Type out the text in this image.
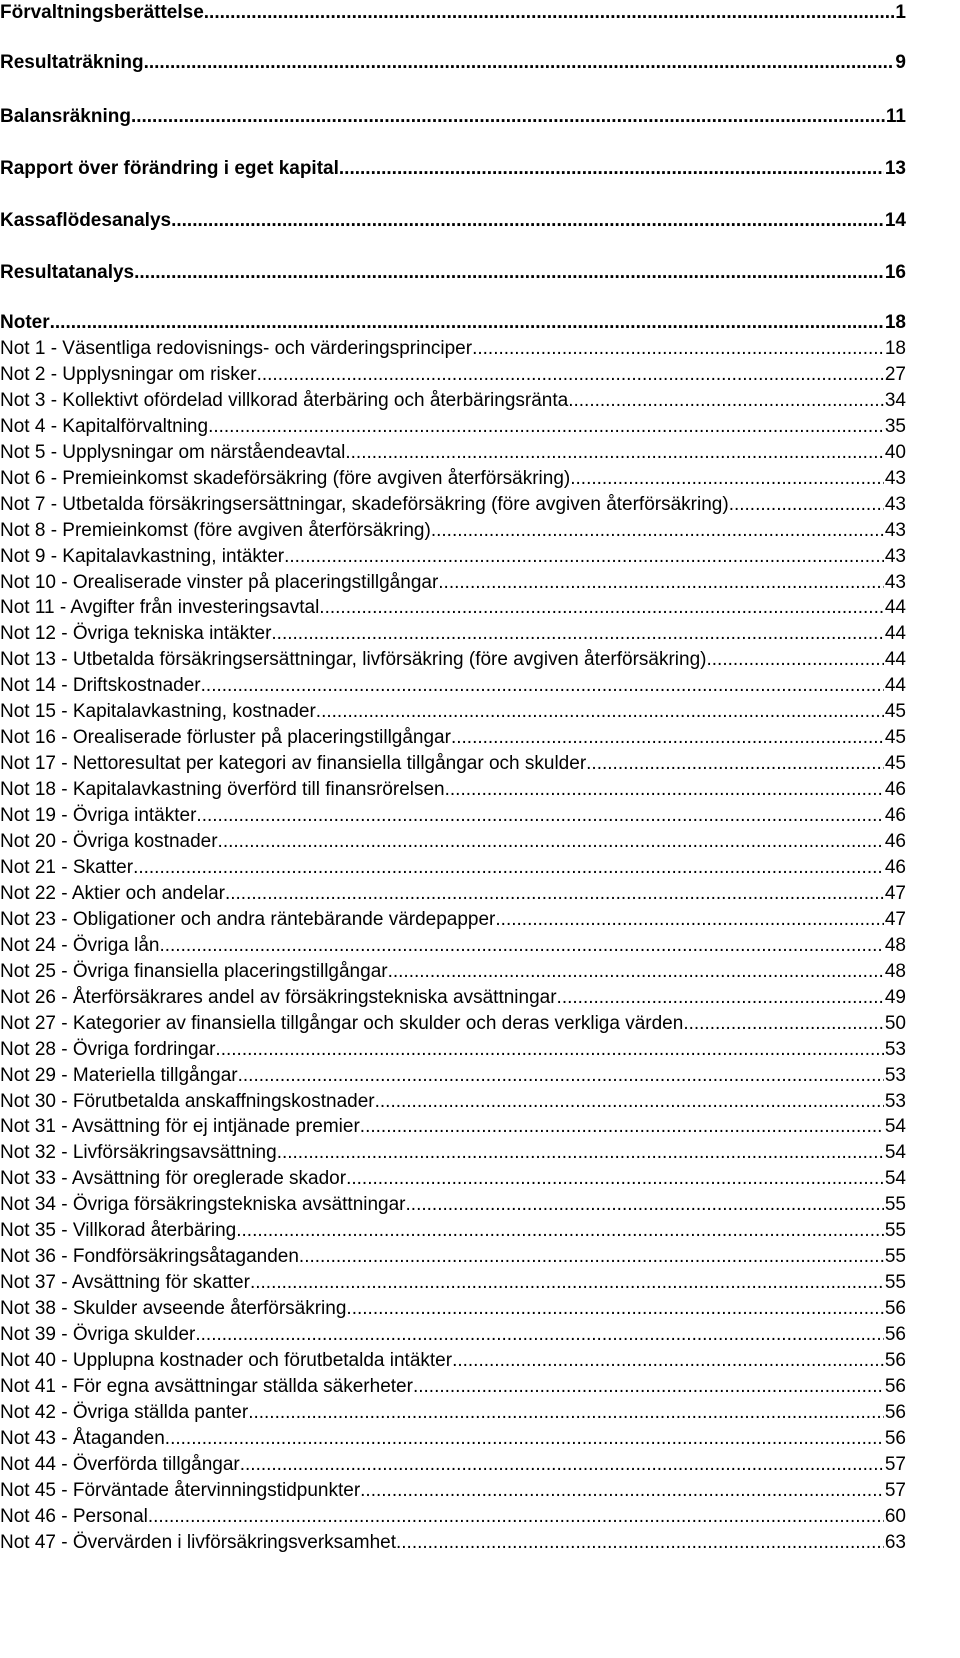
Förvaltningsberättelse .....	1
Resultaträkning .....	9
Balansräkning .....	11
Rapport över förändring i eget kapital .....	13
Kassaflödesanalys .....	14
Resultatanalys .....	16
Noter .....	18
Not 1 - Väsentliga redovisnings- och värderingsprinciper .....	18
Not 2 - Upplysningar om risker .....	27
Not 3 - Kollektivt ofördelad villkorad återbäring och återbäringsränta .....	34
Not 4 - Kapitalförvaltning .....	35
Not 5 - Upplysningar om närståendeavtal .....	40
Not 6 - Premieinkomst skadeförsäkring (före avgiven återförsäkring) .....	43
Not 7 - Utbetalda försäkringsersättningar, skadeförsäkring (före avgiven återförsäkring) .....	43
Not 8 - Premieinkomst (före avgiven återförsäkring) .....	43
Not 9 - Kapitalavkastning, intäkter .....	43
Not 10 - Orealiserade vinster på placeringstillgångar .....	43
Not 11 - Avgifter från investeringsavtal .....	44
Not 12 - Övriga tekniska intäkter .....	44
Not 13 - Utbetalda försäkringsersättningar, livförsäkring (före avgiven återförsäkring) .....	44
Not 14 - Driftskostnader .....	44
Not 15 - Kapitalavkastning, kostnader .....	45
Not 16 - Orealiserade förluster på placeringstillgångar .....	45
Not 17 - Nettoresultat per kategori av finansiella tillgångar och skulder .....	45
Not 18 - Kapitalavkastning överförd till finansrörelsen .....	46
Not 19 - Övriga intäkter .....	46
Not 20 - Övriga kostnader .....	46
Not 21 - Skatter .....	46
Not 22 - Aktier och andelar .....	47
Not 23 - Obligationer och andra räntebärande värdepapper .....	47
Not 24 - Övriga lån .....	48
Not 25 - Övriga finansiella placeringstillgångar .....	48
Not 26 - Återförsäkrares andel av försäkringstekniska avsättningar .....	49
Not 27 - Kategorier av finansiella tillgångar och skulder och deras verkliga värden .....	50
Not 28 - Övriga fordringar .....	53
Not 29 - Materiella tillgångar .....	53
Not 30 - Förutbetalda anskaffningskostnader .....	53
Not 31 - Avsättning för ej intjänade premier .....	54
Not 32 - Livförsäkringsavsättning .....	54
Not 33 - Avsättning för oreglerade skador .....	54
Not 34 - Övriga försäkringstekniska avsättningar .....	55
Not 35 - Villkorad återbäring .....	55
Not 36 - Fondförsäkringsåtaganden .....	55
Not 37 - Avsättning för skatter .....	55
Not 38 - Skulder avseende återförsäkring .....	56
Not 39 - Övriga skulder .....	56
Not 40 - Upplupna kostnader och förutbetalda intäkter .....	56
Not 41 - För egna avsättningar ställda säkerheter .....	56
Not 42 - Övriga ställda panter .....	56
Not 43 - Åtaganden .....	56
Not 44 - Överförda tillgångar .....	57
Not 45 - Förväntade återvinningstidpunkter .....	57
Not 46 - Personal .....	60
Not 47 - Övervärden i livförsäkringsverksamhet .....	63
